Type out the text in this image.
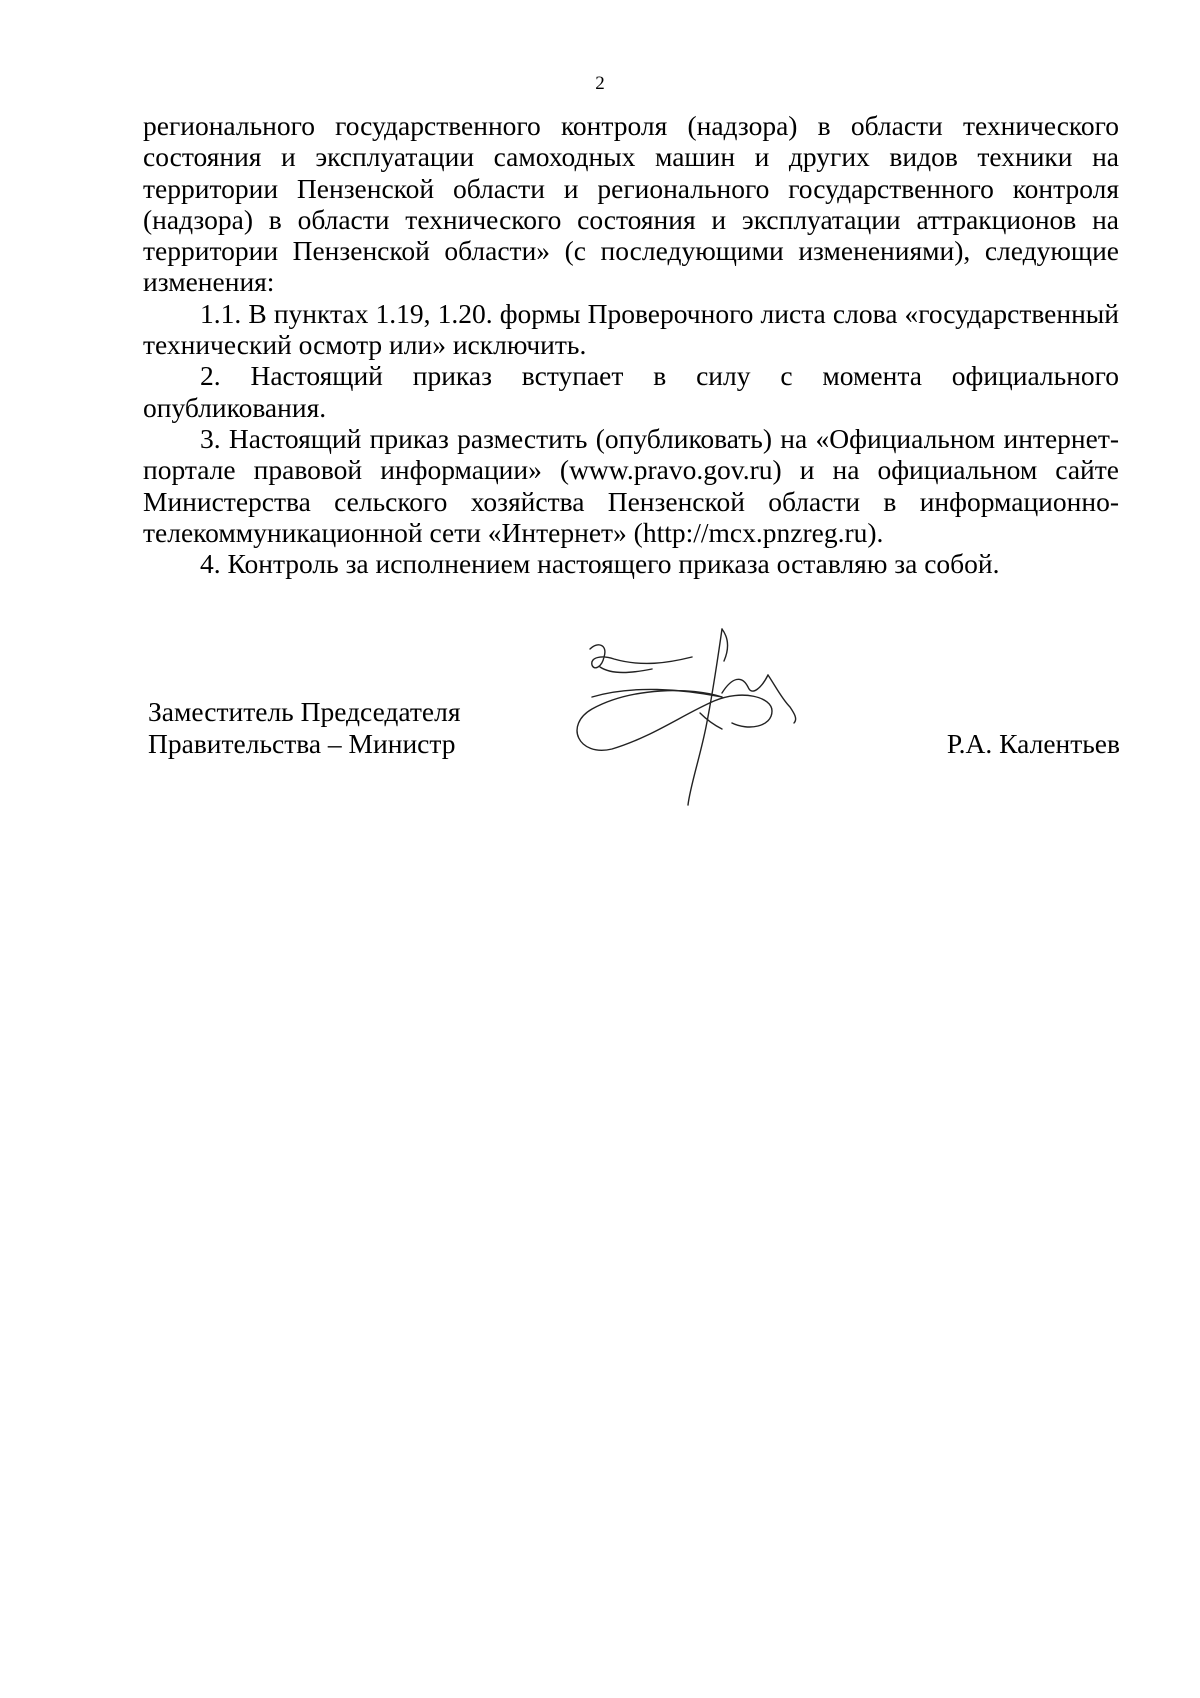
2

регионального государственного контроля (надзора) в области технического состояния и эксплуатации самоходных машин и других видов техники на территории Пензенской области и регионального государственного контроля (надзора) в области технического состояния и эксплуатации аттракционов на территории Пензенской области» (с последующими изменениями), следующие изменения:

1.1. В пунктах 1.19, 1.20. формы Проверочного листа слова «государственный технический осмотр или» исключить.

2. Настоящий приказ вступает в силу с момента официального опубликования.

3. Настоящий приказ разместить (опубликовать) на «Официальном интернет-портале правовой информации» (www.pravo.gov.ru) и на официальном сайте Министерства сельского хозяйства Пензенской области в информационно-телекоммуникационной сети «Интернет» (http://mcx.pnzreg.ru).

4. Контроль за исполнением настоящего приказа оставляю за собой.

Заместитель Председателя
Правительства – Министр	Р.А. Калентьев
